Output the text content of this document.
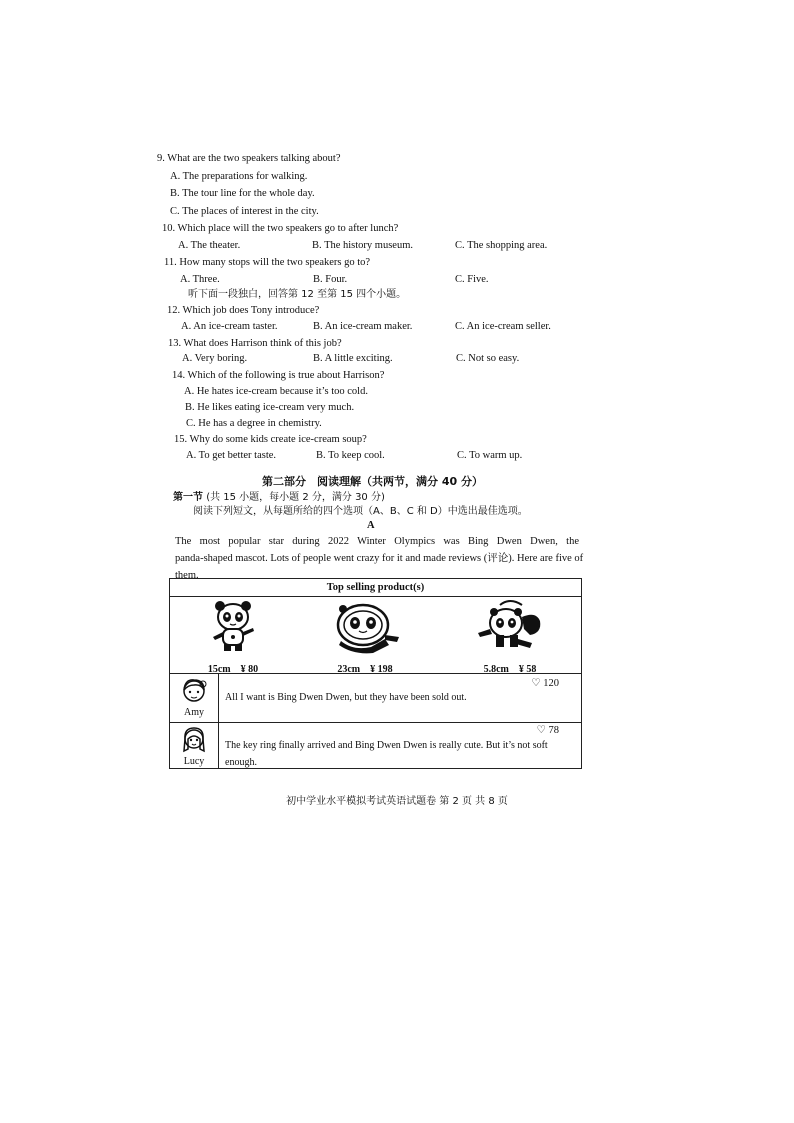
9. What are the two speakers talking about?
A. The preparations for walking.
B. The tour line for the whole day.
C. The places of interest in the city.
10. Which place will the two speakers go to after lunch?
A. The theater.	B. The history museum.	C. The shopping area.
11. How many stops will the two speakers go to?
A. Three.	B. Four.	C. Five.
听下面一段独白，回答第 12 至第 15 四个小题。
12. Which job does Tony introduce?
A. An ice-cream taster.	B. An ice-cream maker.	C. An ice-cream seller.
13. What does Harrison think of this job?
A. Very boring.	B. A little exciting.	C. Not so easy.
14. Which of the following is true about Harrison?
A. He hates ice-cream because it’s too cold.
B. He likes eating ice-cream very much.
C. He has a degree in chemistry.
15. Why do some kids create ice-cream soup?
A. To get better taste.	B. To keep cool.	C. To warm up.
第二部分　阅读理解（共两节，满分 40 分）
第一节 (共 15 小题，每小题 2 分，满分 30 分)
阅读下列短文，从每题所给的四个选项（A、B、C 和 D）中选出最佳选项。
A
The most popular star during 2022 Winter Olympics was Bing Dwen Dwen, the
panda-shaped mascot. Lots of people went crazy for it and made reviews (评论). Here are five of
them.
Top selling product(s)
15cm　¥ 80	23cm　¥ 198	5.8cm　¥ 58
Amy
♡ 120
All I want is Bing Dwen Dwen, but they have been sold out.
Lucy
♡ 78
The key ring finally arrived and Bing Dwen Dwen is really cute. But it’s not soft
enough.
初中学业水平模拟考试英语试题卷 第 2 页 共 8 页
